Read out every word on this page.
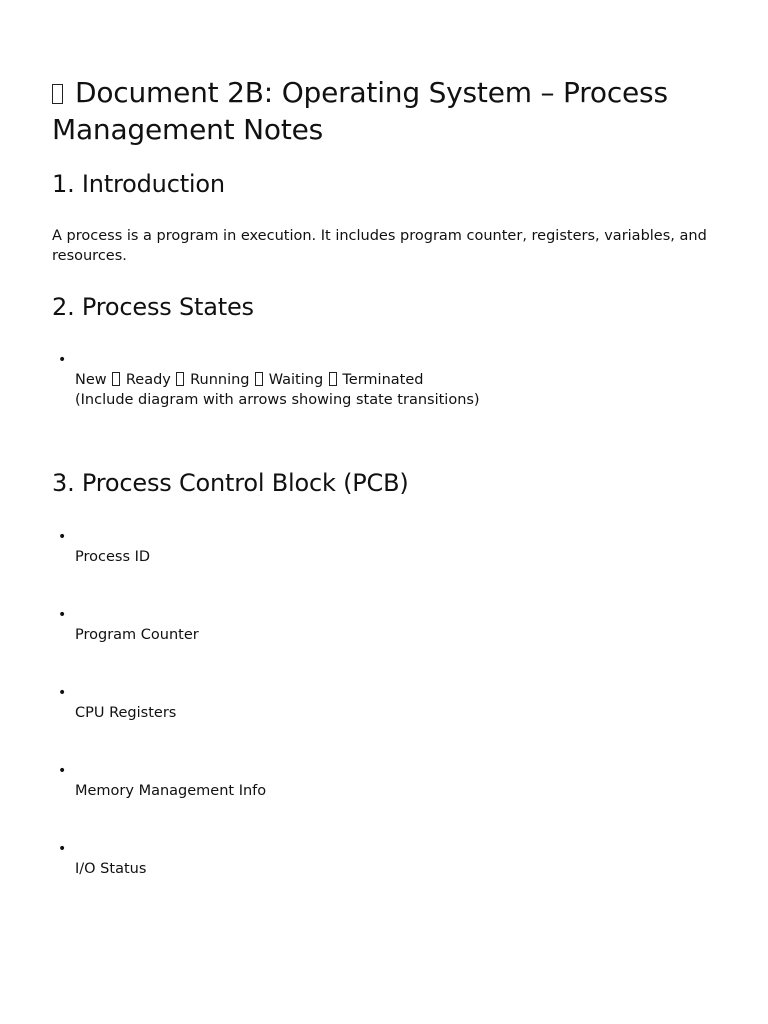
Document 2B: Operating System – Process Management Notes
1. Introduction

A process is a program in execution. It includes program counter, registers, variables, and resources.

2. Process States
•
New Ready Running Waiting Terminated
(Include diagram with arrows showing state transitions)
3. Process Control Block (PCB)
•
Process ID
•
Program Counter
•
CPU Registers
•
Memory Management Info
•
I/O Status
